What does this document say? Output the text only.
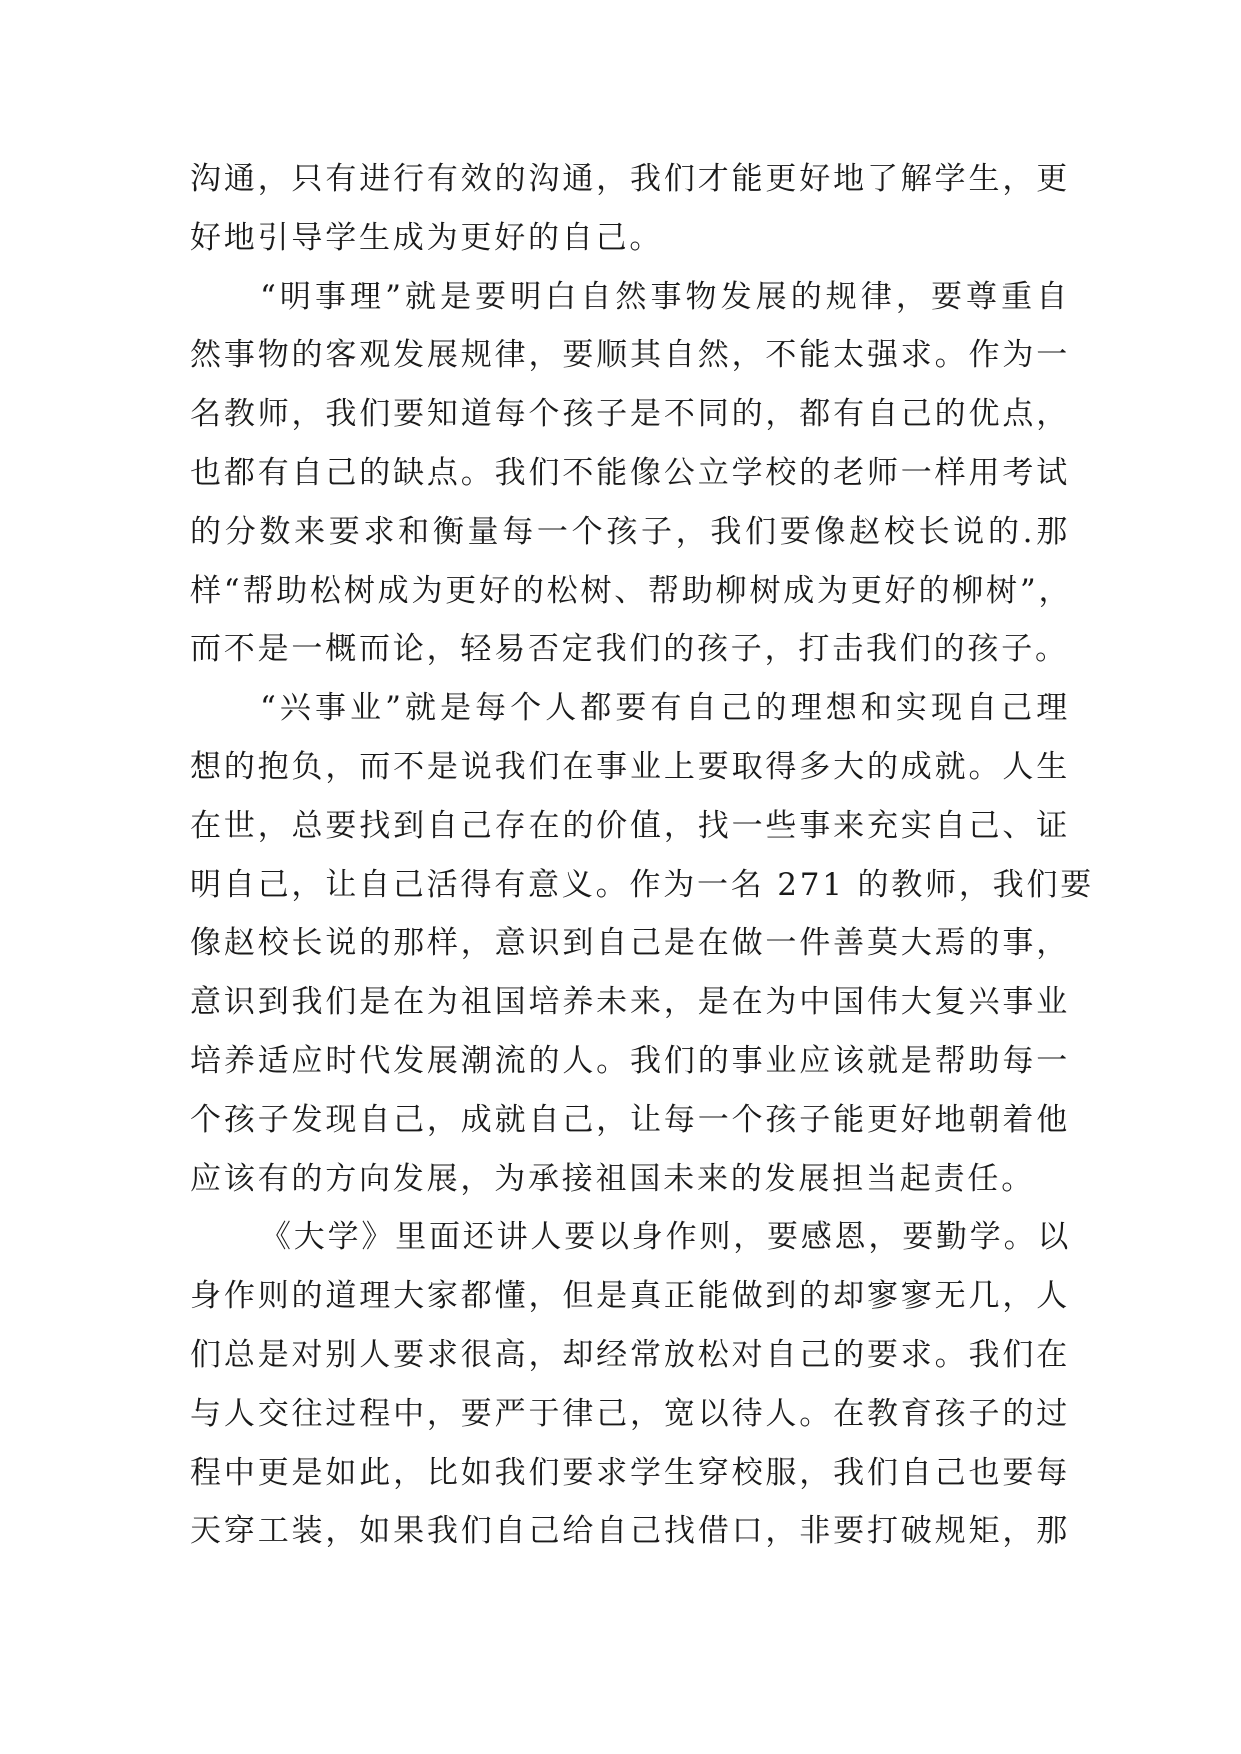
沟通，只有进行有效的沟通，我们才能更好地了解学生，更
好地引导学生成为更好的自己。
“明事理”就是要明白自然事物发展的规律，要尊重自
然事物的客观发展规律，要顺其自然，不能太强求。作为一
名教师，我们要知道每个孩子是不同的，都有自己的优点，
也都有自己的缺点。我们不能像公立学校的老师一样用考试
的分数来要求和衡量每一个孩子，我们要像赵校长说的.那
样“帮助松树成为更好的松树、帮助柳树成为更好的柳树”，
而不是一概而论，轻易否定我们的孩子，打击我们的孩子。
“兴事业”就是每个人都要有自己的理想和实现自己理
想的抱负，而不是说我们在事业上要取得多大的成就。人生
在世，总要找到自己存在的价值，找一些事来充实自己、证
明自己，让自己活得有意义。作为一名 271 的教师，我们要
像赵校长说的那样，意识到自己是在做一件善莫大焉的事，
意识到我们是在为祖国培养未来，是在为中国伟大复兴事业
培养适应时代发展潮流的人。我们的事业应该就是帮助每一
个孩子发现自己，成就自己，让每一个孩子能更好地朝着他
应该有的方向发展，为承接祖国未来的发展担当起责任。
《大学》里面还讲人要以身作则，要感恩，要勤学。以
身作则的道理大家都懂，但是真正能做到的却寥寥无几，人
们总是对别人要求很高，却经常放松对自己的要求。我们在
与人交往过程中，要严于律己，宽以待人。在教育孩子的过
程中更是如此，比如我们要求学生穿校服，我们自己也要每
天穿工装，如果我们自己给自己找借口，非要打破规矩，那
